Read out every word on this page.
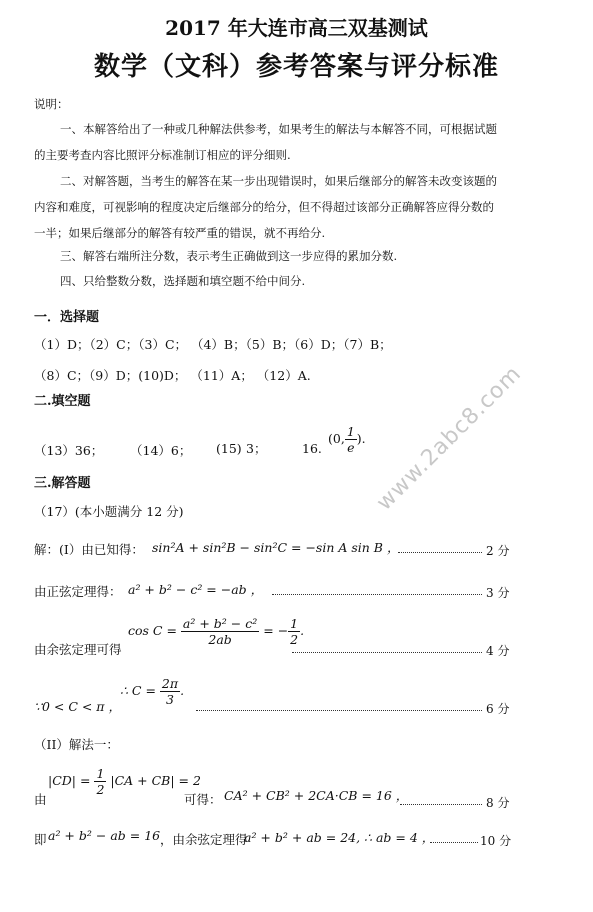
2017 年大连市高三双基测试
数学（文科）参考答案与评分标准
说明：
一、本解答给出了一种或几种解法供参考，如果考生的解法与本解答不同，可根据试题
的主要考查内容比照评分标准制订相应的评分细则.
二、对解答题，当考生的解答在某一步出现错误时，如果后继部分的解答未改变该题的
内容和难度，可视影响的程度决定后继部分的给分，但不得超过该部分正确解答应得分数的
一半；如果后继部分的解答有较严重的错误，就不再给分.
三、解答右端所注分数，表示考生正确做到这一步应得的累加分数.
四、只给整数分数，选择题和填空题不给中间分.
一．选择题
（1）D；（2）C；（3）C； （4）B；（5）B；（6）D；（7）B；
（8）C；（9）D；(10)D； （11）A； （12）A.
二.填空题
（13）36； （14）6； (15) 3；	16.
(0, $\frac{1}{e}$ ).
三.解答题
（17）(本小题满分 12 分)
解：(I）由已知得： sin²A + sin²B − sin²C = −sin A sin B ，	2 分
由正弦定理得： a² + b² − c² = −ab ，	3 分
由余弦定理可得
$\cos C = \frac{\text{a² + b² − c²}}{2ab}$ = − $\frac{1}{2}$ .
4 分
∵0 < C < π ，
∴ $C = \frac{2\pi}{3}$ .
6 分
（II）解法一：
由
$|CD| = \frac{1}{2} |CA + CB| = 2$
可得： CA² + CB² + 2CA·CB = 16 ，	8 分
即 a² + b² − ab = 16 ，由余弦定理得
a² + b² + ab = 24, ∴ ab = 4 ，	10 分
www.2abc8.com
